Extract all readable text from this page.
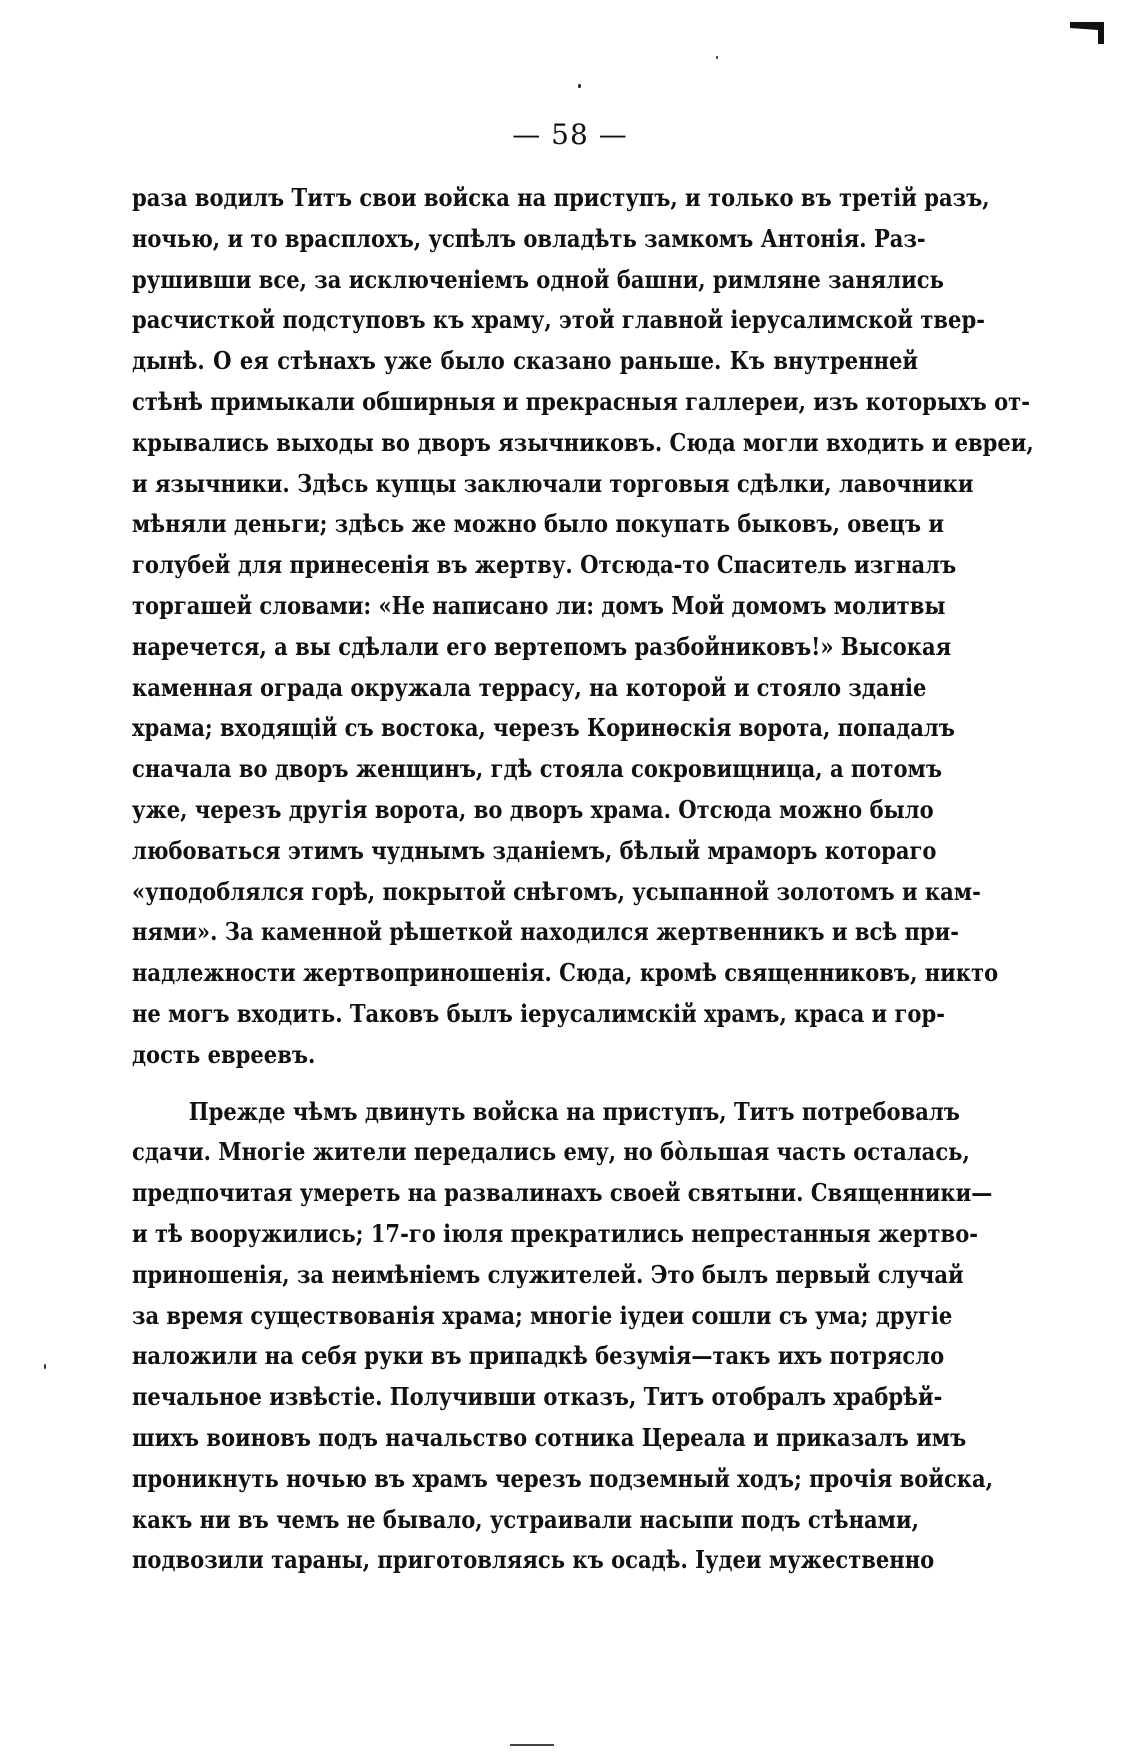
— 58 —
раза водилъ Титъ свои войска на приступъ, и только въ третій разъ,
ночью, и то врасплохъ, успѣлъ овладѣть замкомъ Антонія. Раз-
рушивши все, за исключеніемъ одной башни, римляне занялись
расчисткой подступовъ къ храму, этой главной іерусалимской твер-
дынѣ. О ея стѣнахъ уже было сказано раньше. Къ внутренней
стѣнѣ примыкали обширныя и прекрасныя галлереи, изъ которыхъ от-
крывались выходы во дворъ язычниковъ. Сюда могли входить и евреи,
и язычники. Здѣсь купцы заключали торговыя сдѣлки, лавочники
мѣняли деньги; здѣсь же можно было покупать быковъ, овецъ и
голубей для принесенія въ жертву. Отсюда-то Спаситель изгналъ
торгашей словами: «Не написано ли: домъ Мой домомъ молитвы
наречется, а вы сдѣлали его вертепомъ разбойниковъ!» Высокая
каменная ограда окружала террасу, на которой и стояло зданіе
храма; входящій съ востока, черезъ Коринѳскія ворота, попадалъ
сначала во дворъ женщинъ, гдѣ стояла сокровищница, а потомъ
уже, черезъ другія ворота, во дворъ храма. Отсюда можно было
любоваться этимъ чуднымъ зданіемъ, бѣлый мраморъ котораго
«уподоблялся горѣ, покрытой снѣгомъ, усыпанной золотомъ и кам-
нями». За каменной рѣшеткой находился жертвенникъ и всѣ при-
надлежности жертвоприношенія. Сюда, кромѣ священниковъ, никто
не могъ входить. Таковъ былъ іерусалимскій храмъ, краса и гор-
дость евреевъ.
Прежде чѣмъ двинуть войска на приступъ, Титъ потребовалъ
сдачи. Многіе жители передались ему, но бо̀льшая часть осталась,
предпочитая умереть на развалинахъ своей святыни. Священники—
и тѣ вооружились; 17-го іюля прекратились непрестанныя жертво-
приношенія, за неимѣніемъ служителей. Это былъ первый случай
за время существованія храма; многіе іудеи сошли съ ума; другіе
наложили на себя руки въ припадкѣ безумія—такъ ихъ потрясло
печальное извѣстіе. Получивши отказъ, Титъ отобралъ храбрѣй-
шихъ воиновъ подъ начальство сотника Цереала и приказалъ имъ
проникнуть ночью въ храмъ черезъ подземный ходъ; прочія войска,
какъ ни въ чемъ не бывало, устраивали насыпи подъ стѣнами,
подвозили тараны, приготовляясь къ осадѣ. Іудеи мужественно
